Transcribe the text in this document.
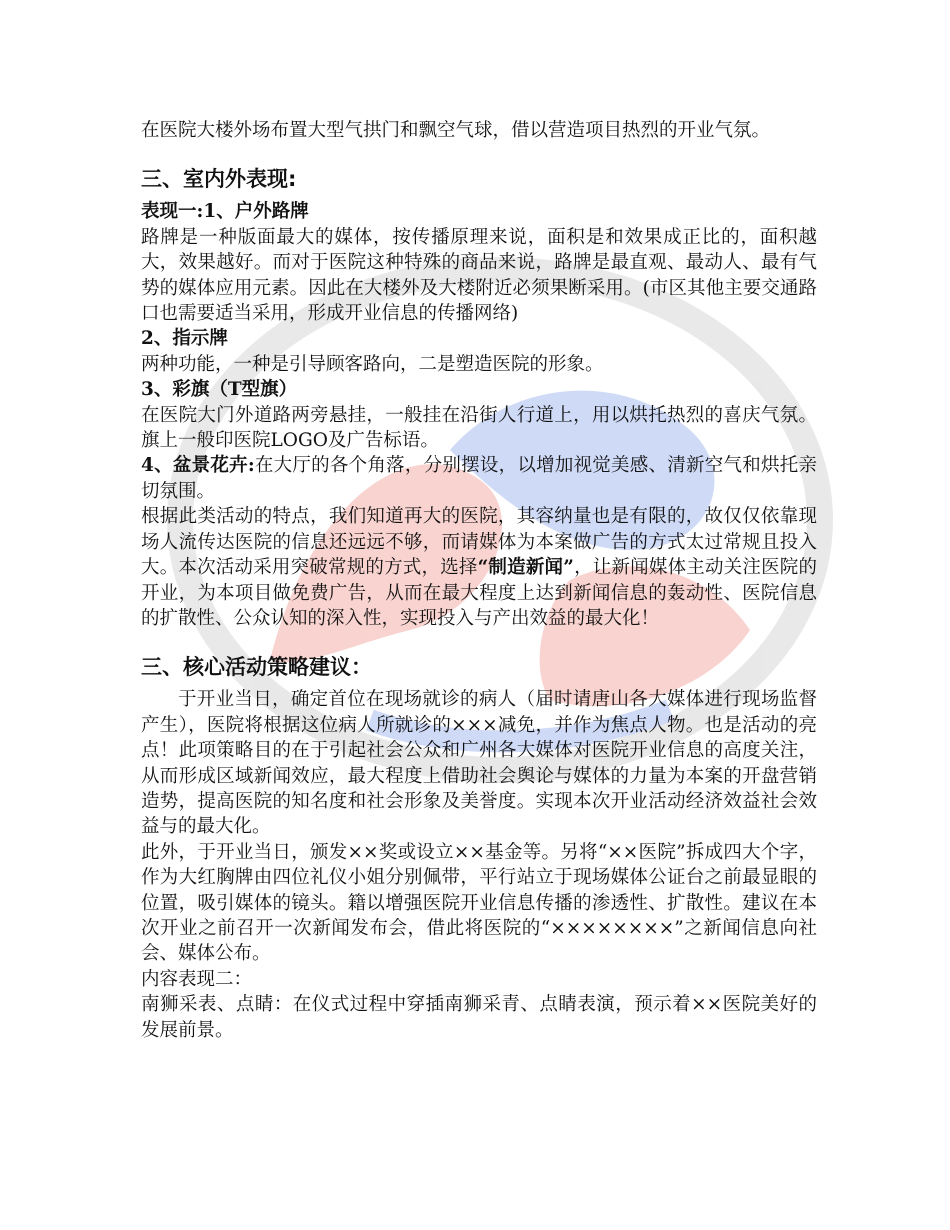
在医院大楼外场布置大型气拱门和飘空气球，借以营造项目热烈的开业气氛。

三、室内外表现:

表现一:1、户外路牌

路牌是一种版面最大的媒体，按传播原理来说，面积是和效果成正比的，面积越大，效果越好。而对于医院这种特殊的商品来说，路牌是最直观、最动人、最有气势的媒体应用元素。因此在大楼外及大楼附近必须果断采用。(市区其他主要交通路口也需要适当采用，形成开业信息的传播网络)

2、指示牌

两种功能，一种是引导顾客路向，二是塑造医院的形象。

3、彩旗（T型旗）

在医院大门外道路两旁悬挂，一般挂在沿街人行道上，用以烘托热烈的喜庆气氛。旗上一般印医院LOGO及广告标语。

4、盆景花卉:在大厅的各个角落，分别摆设，以增加视觉美感、清新空气和烘托亲切氛围。

根据此类活动的特点，我们知道再大的医院，其容纳量也是有限的，故仅仅依靠现场人流传达医院的信息还远远不够，而请媒体为本案做广告的方式太过常规且投入大。本次活动采用突破常规的方式，选择“制造新闻”，让新闻媒体主动关注医院的开业，为本项目做免费广告，从而在最大程度上达到新闻信息的轰动性、医院信息的扩散性、公众认知的深入性，实现投入与产出效益的最大化！

三、核心活动策略建议：

于开业当日，确定首位在现场就诊的病人（届时请唐山各大媒体进行现场监督产生），医院将根据这位病人所就诊的×××减免，并作为焦点人物。也是活动的亮点！此项策略目的在于引起社会公众和广州各大媒体对医院开业信息的高度关注，从而形成区域新闻效应，最大程度上借助社会舆论与媒体的力量为本案的开盘营销造势，提高医院的知名度和社会形象及美誉度。实现本次开业活动经济效益社会效益与的最大化。

此外，于开业当日，颁发××奖或设立××基金等。另将“××医院”拆成四大个字，作为大红胸牌由四位礼仪小姐分别佩带，平行站立于现场媒体公证台之前最显眼的位置，吸引媒体的镜头。籍以增强医院开业信息传播的渗透性、扩散性。建议在本次开业之前召开一次新闻发布会，借此将医院的“××××××××”之新闻信息向社会、媒体公布。

内容表现二：

南狮采表、点睛：在仪式过程中穿插南狮采青、点睛表演，预示着××医院美好的发展前景。
